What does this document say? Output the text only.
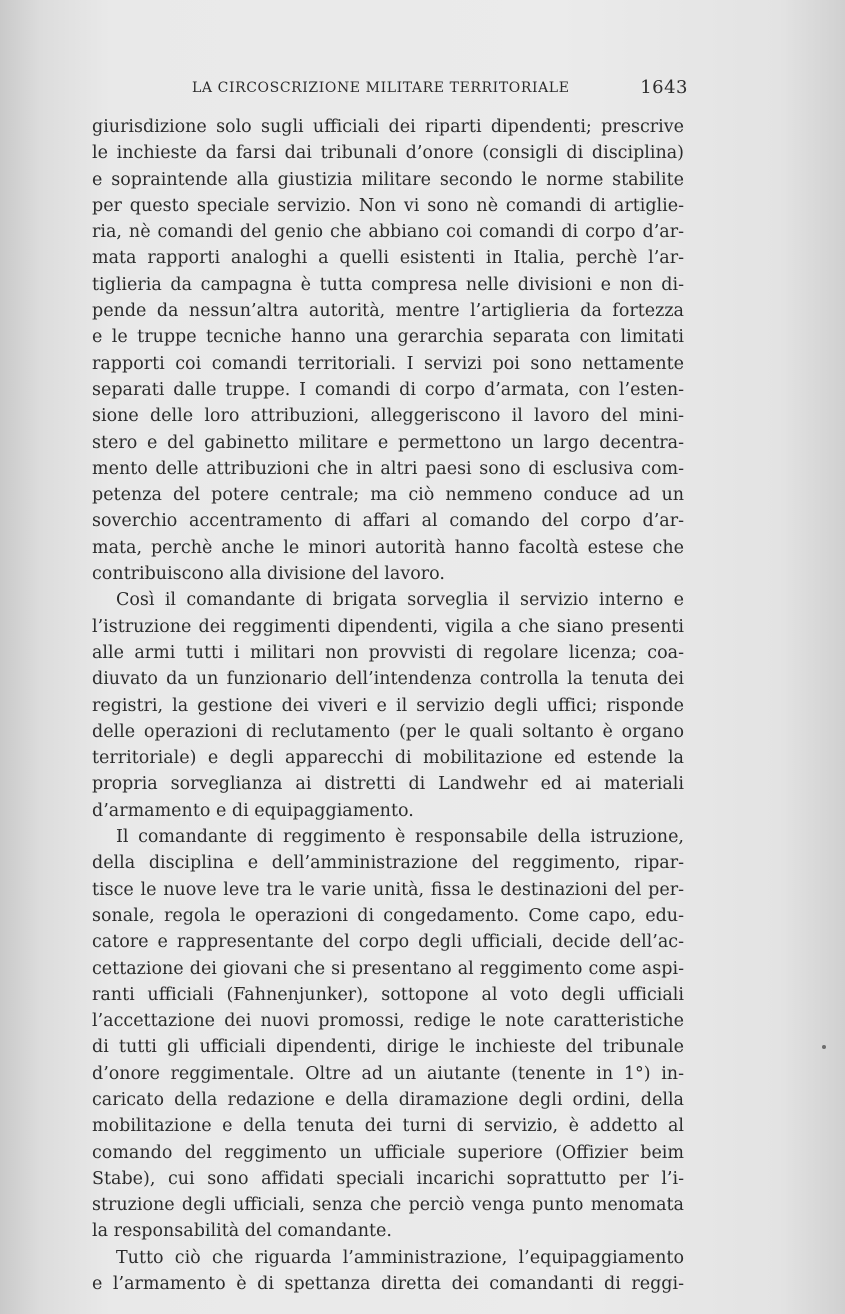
LA CIRCOSCRIZIONE MILITARE TERRITORIALE	1643
giurisdizione solo sugli ufficiali dei riparti dipendenti; prescrive
le inchieste da farsi dai tribunali d’onore (consigli di disciplina)
e sopraintende alla giustizia militare secondo le norme stabilite
per questo speciale servizio. Non vi sono nè comandi di artiglie-
ria, nè comandi del genio che abbiano coi comandi di corpo d’ar-
mata rapporti analoghi a quelli esistenti in Italia, perchè l’ar-
tiglieria da campagna è tutta compresa nelle divisioni e non di-
pende da nessun’altra autorità, mentre l’artiglieria da fortezza
e le truppe tecniche hanno una gerarchia separata con limitati
rapporti coi comandi territoriali. I servizi poi sono nettamente
separati dalle truppe. I comandi di corpo d’armata, con l’esten-
sione delle loro attribuzioni, alleggeriscono il lavoro del mini-
stero e del gabinetto militare e permettono un largo decentra-
mento delle attribuzioni che in altri paesi sono di esclusiva com-
petenza del potere centrale; ma ciò nemmeno conduce ad un
soverchio accentramento di affari al comando del corpo d’ar-
mata, perchè anche le minori autorità hanno facoltà estese che
contribuiscono alla divisione del lavoro.
Così il comandante di brigata sorveglia il servizio interno e
l’istruzione dei reggimenti dipendenti, vigila a che siano presenti
alle armi tutti i militari non provvisti di regolare licenza; coa-
diuvato da un funzionario dell’intendenza controlla la tenuta dei
registri, la gestione dei viveri e il servizio degli uffici; risponde
delle operazioni di reclutamento (per le quali soltanto è organo
territoriale) e degli apparecchi di mobilitazione ed estende la
propria sorveglianza ai distretti di Landwehr ed ai materiali
d’armamento e di equipaggiamento.
Il comandante di reggimento è responsabile della istruzione,
della disciplina e dell’amministrazione del reggimento, ripar-
tisce le nuove leve tra le varie unità, fissa le destinazioni del per-
sonale, regola le operazioni di congedamento. Come capo, edu-
catore e rappresentante del corpo degli ufficiali, decide dell’ac-
cettazione dei giovani che si presentano al reggimento come aspi-
ranti ufficiali (Fahnenjunker), sottopone al voto degli ufficiali
l’accettazione dei nuovi promossi, redige le note caratteristiche
di tutti gli ufficiali dipendenti, dirige le inchieste del tribunale
d’onore reggimentale. Oltre ad un aiutante (tenente in 1°) in-
caricato della redazione e della diramazione degli ordini, della
mobilitazione e della tenuta dei turni di servizio, è addetto al
comando del reggimento un ufficiale superiore (Offizier beim
Stabe), cui sono affidati speciali incarichi soprattutto per l’i-
struzione degli ufficiali, senza che perciò venga punto menomata
la responsabilità del comandante.
Tutto ciò che riguarda l’amministrazione, l’equipaggiamento
e l’armamento è di spettanza diretta dei comandanti di reggi-
